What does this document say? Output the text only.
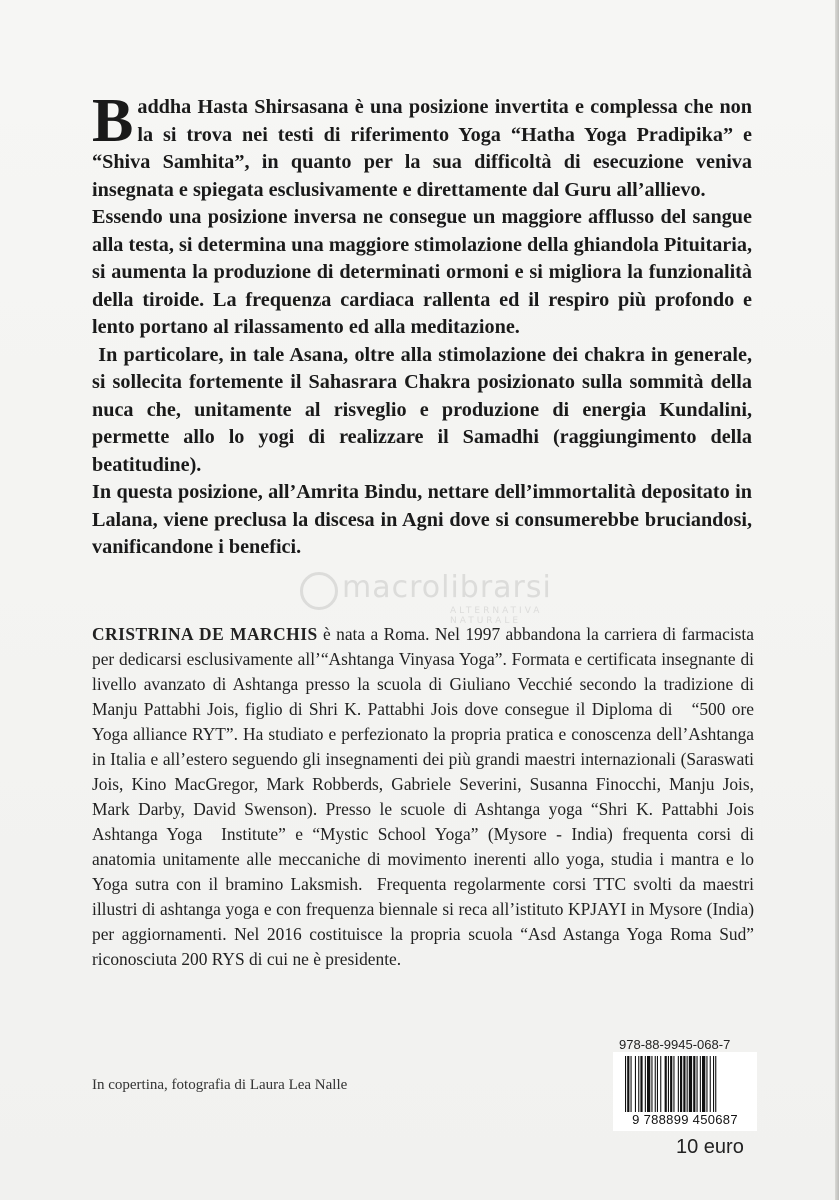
Baddha Hasta Shirsasana è una posizione invertita e complessa che non la si trova nei testi di riferimento Yoga “Hatha Yoga Pradipika” e “Shiva Samhita”, in quanto per la sua difficoltà di esecuzione veniva insegnata e spiegata esclusivamente e direttamente dal Guru all’allievo.

Essendo una posizione inversa ne consegue un maggiore afflusso del sangue alla testa, si determina una maggiore stimolazione della ghiandola Pituitaria, si aumenta la produzione di determinati ormoni e si migliora la funzionalità della tiroide. La frequenza cardiaca rallenta ed il respiro più profondo e lento portano al rilassamento ed alla meditazione.

In particolare, in tale Asana, oltre alla stimolazione dei chakra in generale, si sollecita fortemente il Sahasrara Chakra posizionato sulla sommità della nuca che, unitamente al risveglio e produzione di energia Kundalini, permette allo lo yogi di realizzare il Samadhi (raggiungimento della beatitudine).

In questa posizione, all’Amrita Bindu, nettare dell’immortalità depositato in Lalana, viene preclusa la discesa in Agni dove si consumerebbe bruciandosi, vanificandone i benefici.

macrolibrarsi
ALTERNATIVA NATURALE

CRISTRINA DE MARCHIS è nata a Roma. Nel 1997 abbandona la carriera di farmacista per dedicarsi esclusivamente all’“Ashtanga Vinyasa Yoga”. Formata e certificata insegnante di livello avanzato di Ashtanga presso la scuola di Giuliano Vecchié secondo la tradizione di Manju Pattabhi Jois, figlio di Shri K. Pattabhi Jois dove consegue il Diploma di   “500 ore Yoga alliance RYT”. Ha studiato e perfezionato la propria pratica e conoscenza dell’Ashtanga in Italia e all’estero seguendo gli insegnamenti dei più grandi maestri internazionali (Saraswati Jois, Kino MacGregor, Mark Robberds, Gabriele Severini, Susanna Finocchi, Manju Jois, Mark Darby, David Swenson). Presso le scuole di Ashtanga yoga “Shri K. Pattabhi Jois Ashtanga Yoga  Institute” e “Mystic School Yoga” (Mysore - India) frequenta corsi di anatomia unitamente alle meccaniche di movimento inerenti allo yoga, studia i mantra e lo Yoga sutra con il bramino Laksmish.  Frequenta regolarmente corsi TTC svolti da maestri illustri di ashtanga yoga e con frequenza biennale si reca all’istituto KPJAYI in Mysore (India) per aggiornamenti. Nel 2016 costituisce la propria scuola “Asd Astanga Yoga Roma Sud” riconosciuta 200 RYS di cui ne è presidente.

In copertina, fotografia di Laura Lea Nalle
978-88-9945-068-7
9 788899 450687
10 euro
